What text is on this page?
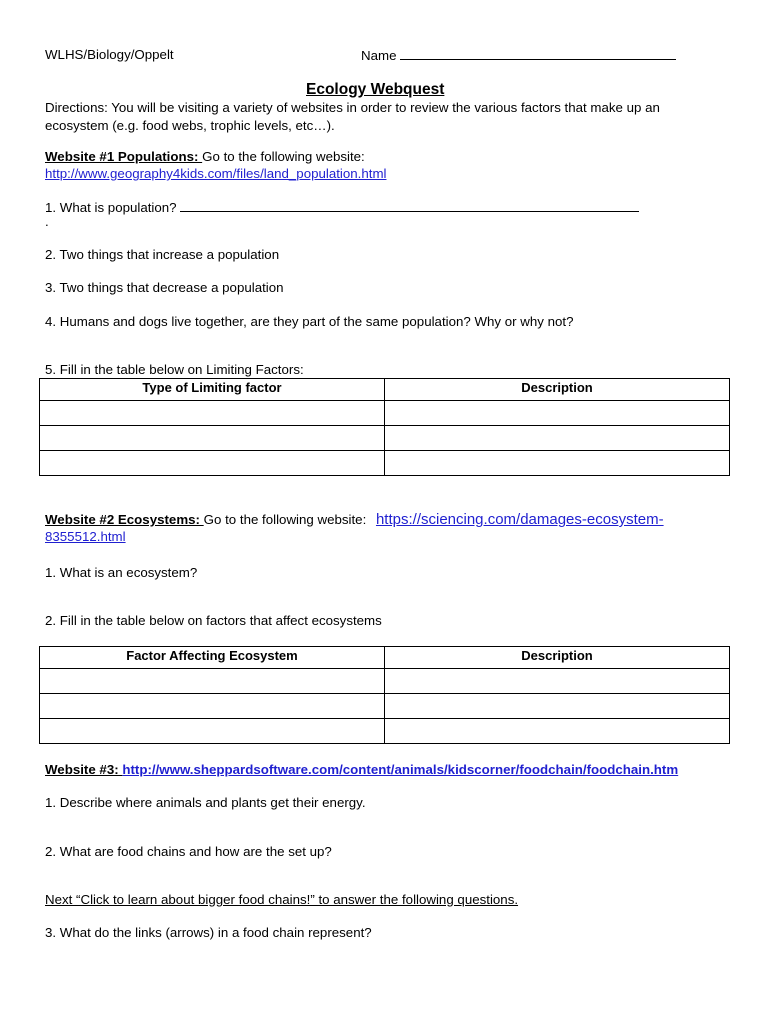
WLHS/Biology/Oppelt	Name
Ecology Webquest
Directions: You will be visiting a variety of websites in order to review the various factors that make up an
ecosystem (e.g. food webs, trophic levels, etc…).
Website #1 Populations: Go to the following website:
http://www.geography4kids.com/files/land_population.html
1. What is population?
.
2. Two things that increase a population
3. Two things that decrease a population
4. Humans and dogs live together, are they part of the same population? Why or why not?
5. Fill in the table below on Limiting Factors:
Type of Limiting factor	Description

Website #2 Ecosystems: Go to the following website: https://sciencing.com/damages-ecosystem-
8355512.html
1. What is an ecosystem?
2. Fill in the table below on factors that affect ecosystems
Factor Affecting Ecosystem	Description

Website #3: http://www.sheppardsoftware.com/content/animals/kidscorner/foodchain/foodchain.htm
1. Describe where animals and plants get their energy.
2. What are food chains and how are the set up?
Next “Click to learn about bigger food chains!” to answer the following questions.
3. What do the links (arrows) in a food chain represent?
